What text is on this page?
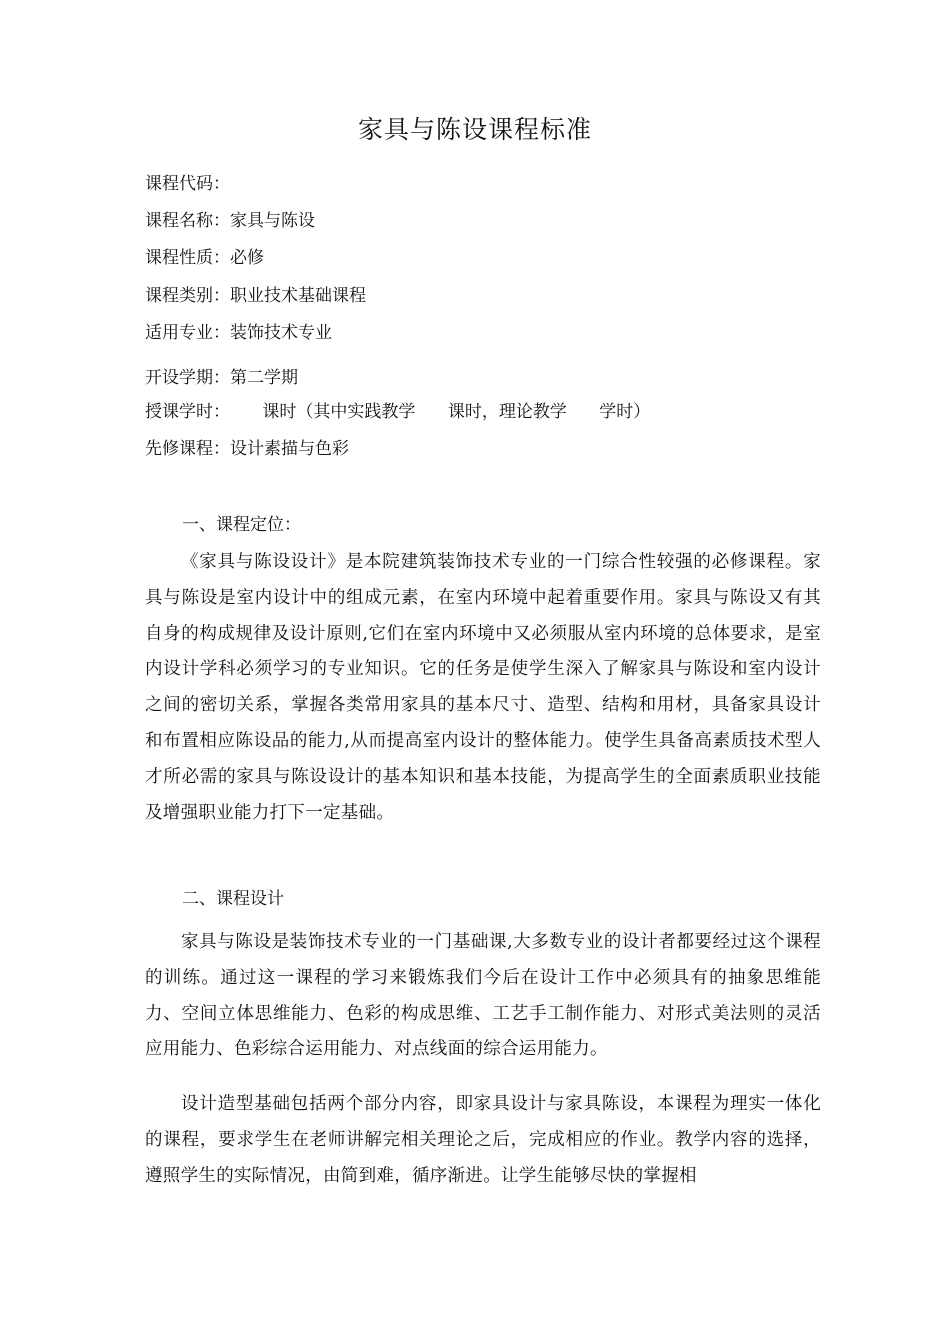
家具与陈设课程标准
课程代码：
课程名称：家具与陈设
课程性质：必修
课程类别：职业技术基础课程
适用专业：装饰技术专业
开设学期：第二学期
授课学时：      课时（其中实践教学      课时，理论教学      学时）
先修课程：设计素描与色彩
一、课程定位：
《家具与陈设设计》是本院建筑装饰技术专业的一门综合性较强的必修课程。家具与陈设是室内设计中的组成元素，在室内环境中起着重要作用。家具与陈设又有其自身的构成规律及设计原则,它们在室内环境中又必须服从室内环境的总体要求，是室内设计学科必须学习的专业知识。它的任务是使学生深入了解家具与陈设和室内设计之间的密切关系，掌握各类常用家具的基本尺寸、造型、结构和用材，具备家具设计和布置相应陈设品的能力,从而提高室内设计的整体能力。使学生具备高素质技术型人才所必需的家具与陈设设计的基本知识和基本技能，为提高学生的全面素质职业技能及增强职业能力打下一定基础。
二、课程设计
家具与陈设是装饰技术专业的一门基础课,大多数专业的设计者都要经过这个课程的训练。通过这一课程的学习来锻炼我们今后在设计工作中必须具有的抽象思维能力、空间立体思维能力、色彩的构成思维、工艺手工制作能力、对形式美法则的灵活应用能力、色彩综合运用能力、对点线面的综合运用能力。
设计造型基础包括两个部分内容，即家具设计与家具陈设，本课程为理实一体化的课程，要求学生在老师讲解完相关理论之后，完成相应的作业。教学内容的选择，遵照学生的实际情况，由简到难，循序渐进。让学生能够尽快的掌握相
